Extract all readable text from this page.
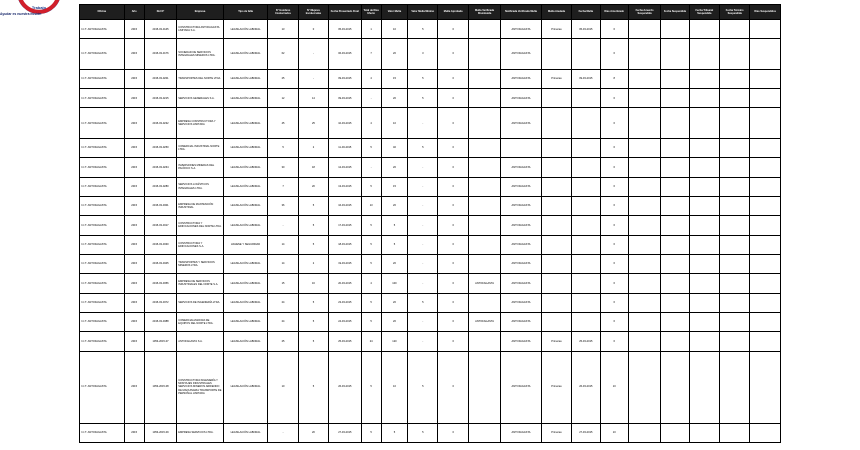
Trabajo
Ayudar es nuestra misión
Oficina	Año	Rol N°	Empresa	Tipo de falta	N° Hombres Involucrados	N° Mujeres Involucradas	Fecha Presentado Final	Total de Días Efecto	Valor Multa	Valor Multa Mínimo	Multa Aprobada	Multa Verificada Disminuida	Notificada Verificada Multa	Multa Anulada	Fecha Multa	Días Amortizado	Fecha Acuerdo Suspendida	Fecha Suspendida	Fecha Tribunal Suspendida	Fecha Término Suspendida	Días Suspendidos
I.C.T. ANTOFAGASTA	2015	2015-03-0145	CONSTRUCTORA ANTOFAGASTA LIMITADA S.A.	LEGISLACIÓN LABORAL	13	0	05-03-2015	1	10	5	0		ANTOFAGASTA	Primeras	05-03-2015	6					
I.C.T. ANTOFAGASTA	2015	2015-03-0176	SOCIEDAD DE SERVICIOS INTEGRALES MINEROS LTDA.	LEGISLACIÓN LABORAL	62	-	06-03-2015	7	20	3	0		ANTOFAGASTA			6					
I.C.T. ANTOFAGASTA	2015	2015-03-0201	TRANSPORTES DEL NORTE LTDA.	LEGISLACIÓN LABORAL	25	-	09-03-2015	4	15	5	0		ANTOFAGASTA	Primeras	09-03-2015	8					
I.C.T. ANTOFAGASTA	2015	2015-03-0215	SERVICIOS GENERALES S.A.	LEGISLACIÓN LABORAL	12	14	09-03-2015	-	20	5	0		ANTOFAGASTA			6					
I.C.T. ANTOFAGASTA	2015	2015-03-0232	EMPRESA CONSTRUCTORA Y SERVICIOS LIMITADA	LEGISLACIÓN LABORAL	45	25	10-03-2015	4	10	-	0		ANTOFAGASTA			6					
I.C.T. ANTOFAGASTA	2015	2015-03-0250	COMERCIAL INDUSTRIAL NORTE LTDA.	LEGISLACIÓN LABORAL	5	2	11-03-2015	5	40	5	0					6					
I.C.T. ANTOFAGASTA	2015	2015-03-0264	INVERSIONES MINERAS DEL PACÍFICO S.A.	LEGISLACIÓN LABORAL	30	18	12-03-2015	-	20	-	0		ANTOFAGASTA			6					
I.C.T. ANTOFAGASTA	2015	2015-03-0280	SERVICIOS LOGÍSTICOS INTEGRALES LTDA.	LEGISLACIÓN LABORAL	7	20	13-03-2015	5	15	-	0		ANTOFAGASTA			6					
I.C.T. ANTOFAGASTA	2015	2015-03-0301	EMPRESA DE MANTENCIÓN INDUSTRIAL	LEGISLACIÓN LABORAL	36	5	16-03-2015	13	20	-	0		ANTOFAGASTA			6					
I.C.T. ANTOFAGASTA	2015	2015-03-0317	CONSTRUCTORA Y EDIFICACIONES DEL NORTE LTDA.	LEGISLACIÓN LABORAL	-	5	17-03-2015	5	5	-	0		ANTOFAGASTA			6					
I.C.T. ANTOFAGASTA	2015	2015-03-0330	CONSTRUCTORA Y EDIFICACIONES S.A.	HIGIENE Y SEGURIDAD	14	5	18-03-2015	5	5	-	0		ANTOFAGASTA			6					
I.C.T. ANTOFAGASTA	2015	2015-03-0345	TRANSPORTES Y SERVICIOS MINEROS LTDA.	LEGISLACIÓN LABORAL	14	2	19-03-2015	5	20	-	0		ANTOFAGASTA			6					
I.C.T. ANTOFAGASTA	2015	2015-03-0356	EMPRESA DE SERVICIOS INDUSTRIALES DEL NORTE S.A.	LEGISLACIÓN LABORAL	15	16	20-03-2015	4	100	-	0	ANTOFAGASTA	ANTOFAGASTA			6					
I.C.T. ANTOFAGASTA	2015	2015-03-0372	SERVICIOS DE INGENIERÍA LTDA.	LEGISLACIÓN LABORAL	24	5	23-03-2015	5	20	5	0		ANTOFAGASTA			6					
I.C.T. ANTOFAGASTA	2015	2015-03-0388	COMERCIALIZADORA DE EQUIPOS DEL NORTE LTDA.	LEGISLACIÓN LABORAL	24	5	24-03-2015	5	20	-	0	ANTOFAGASTA	ANTOFAGASTA			6					
I.C.T. ANTOFAGASTA	2015	1053-2015-07	ANTOFAGASTA S.A.	LEGISLACIÓN LABORAL	25	5	25-03-2015	24	120	-	0		ANTOFAGASTA	Primeras	25-03-2015	6					
I.C.T. ANTOFAGASTA	2015	1053-2015-08	CONSTRUCTORA INGENIERÍA Y MONTAJES INDUSTRIALES SERVICIOS MINEROS ARRIENDO DE MAQUINARIA TRANSPORTE DE PERSONAL LIMITADA	LEGISLACIÓN LABORAL	10	5	26-03-2015	5	10	5	0		ANTOFAGASTA	Primeras	26-03-2015	10					
I.C.T. ANTOFAGASTA	2015	1053-2015-09	EMPRESA SERVICIOS LTDA.	LEGISLACIÓN LABORAL	-	20	27-03-2015	5	5	5	0		ANTOFAGASTA	Primeras	27-03-2015	10					
